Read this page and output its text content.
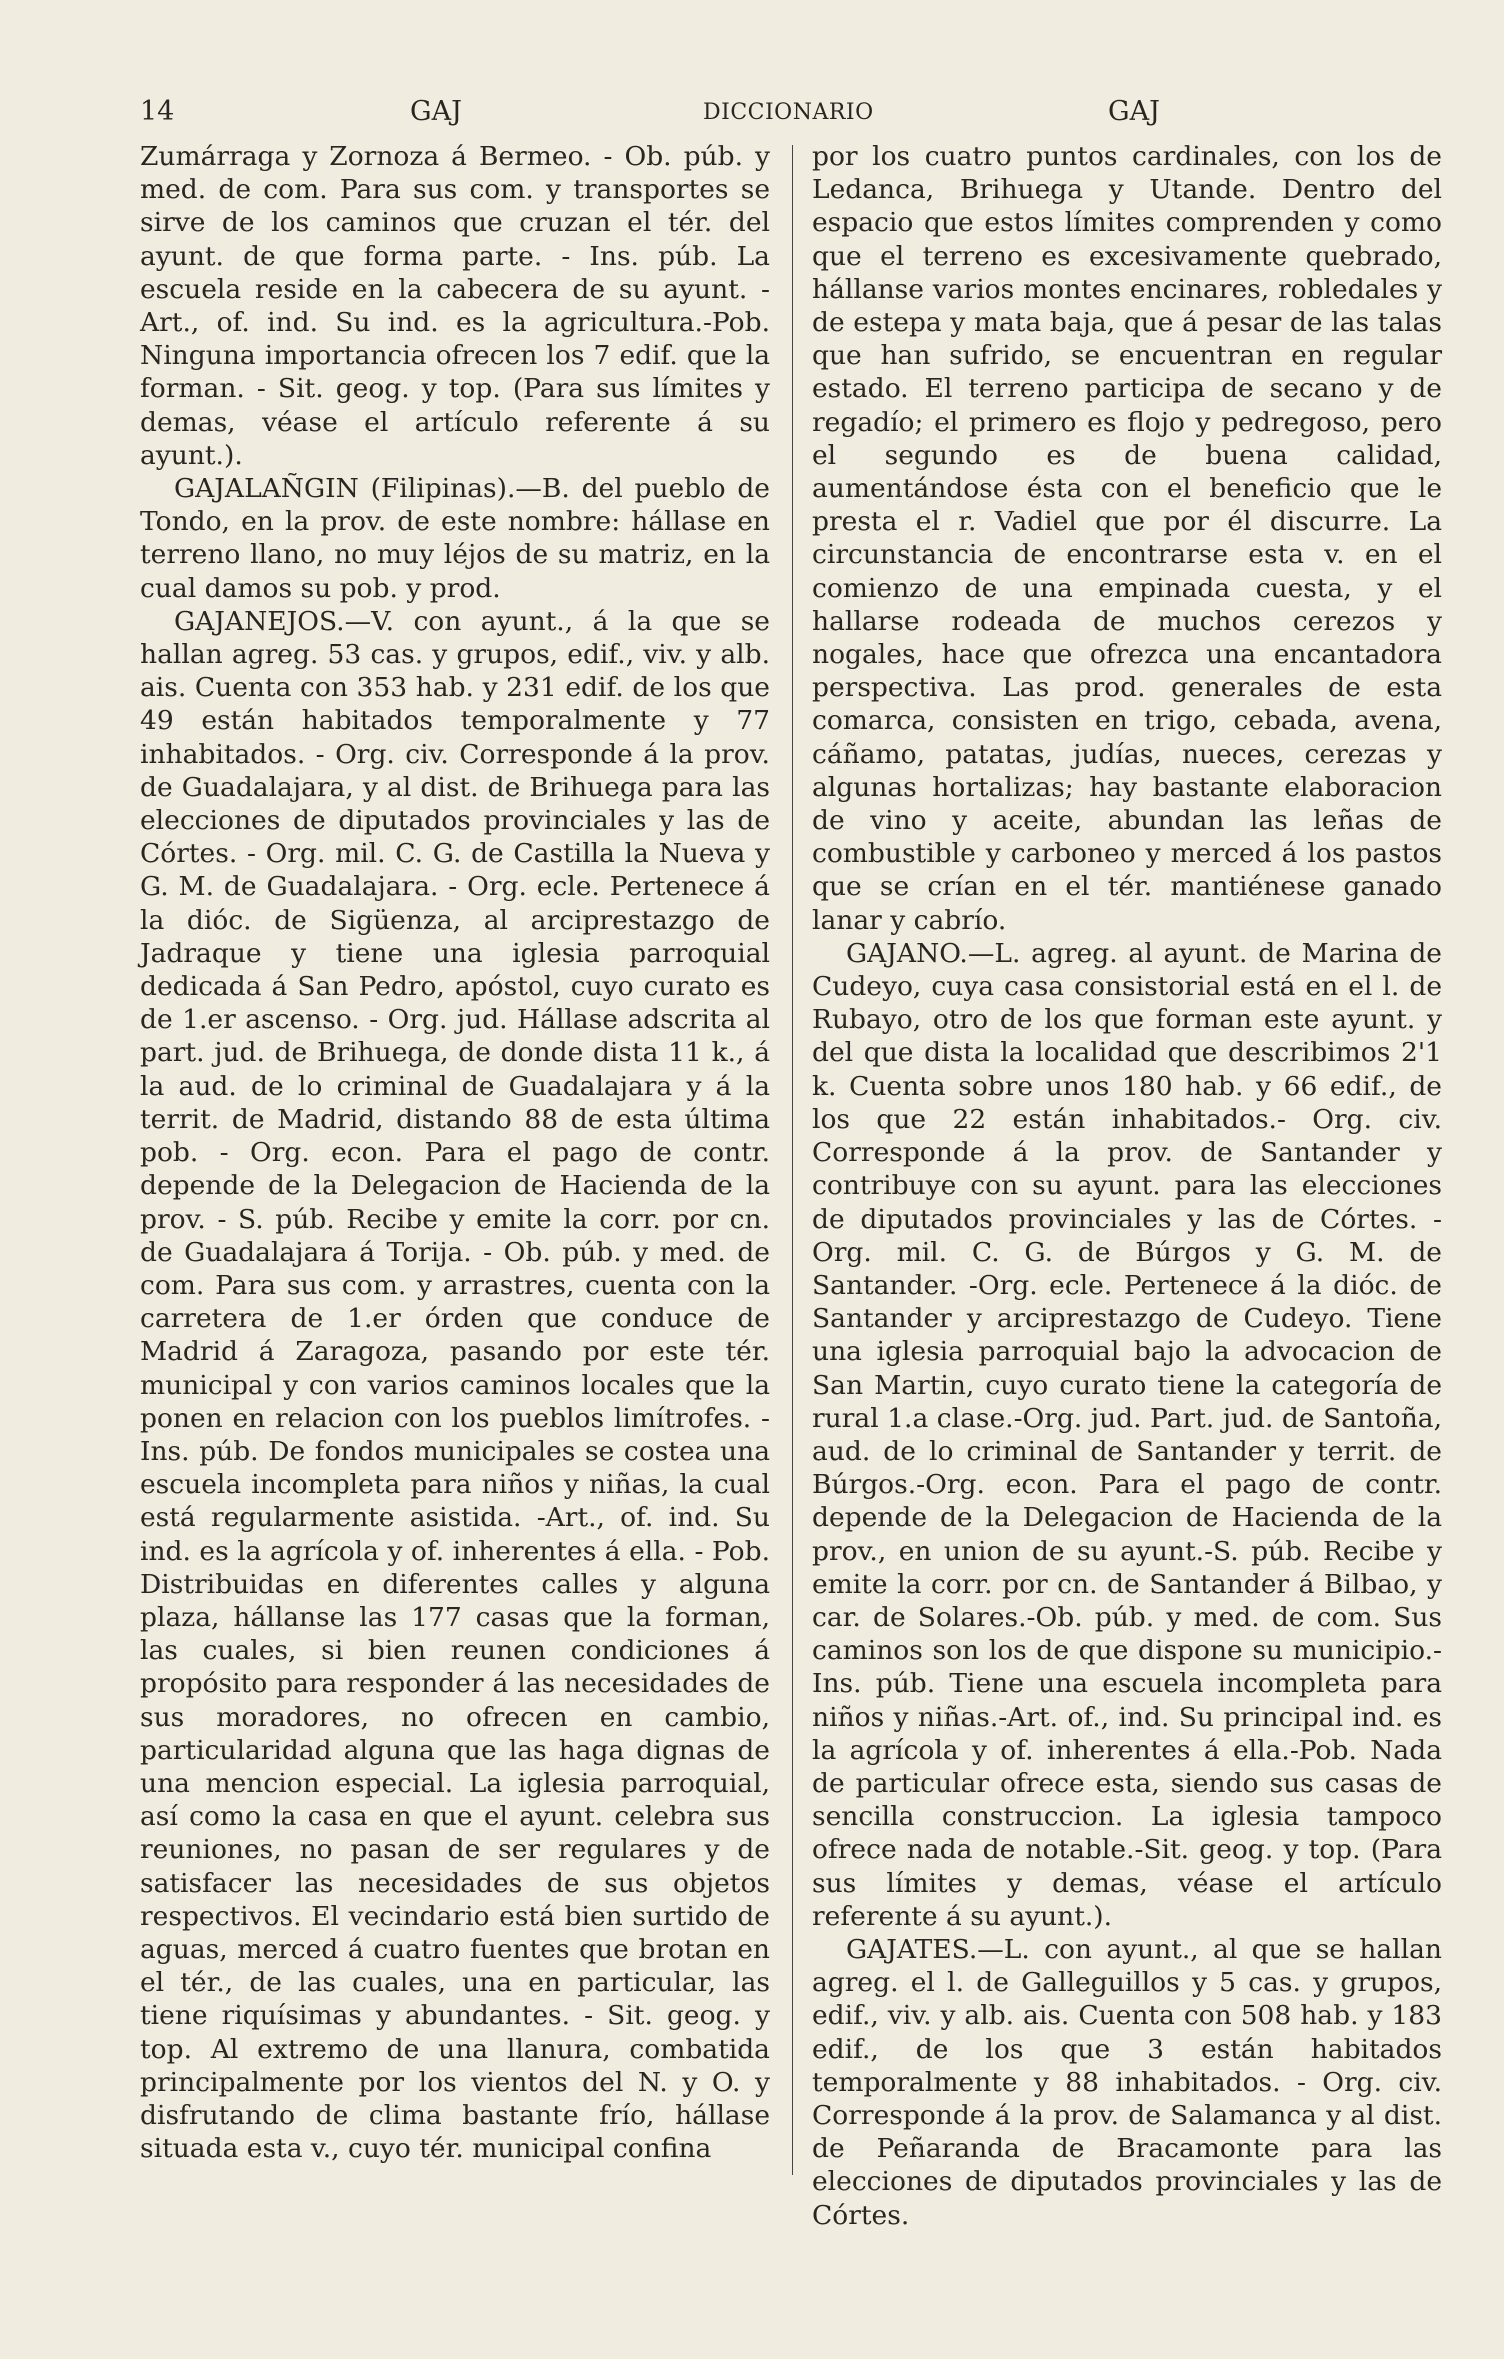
14	GAJ	DICCIONARIO	GAJ

Zumárraga y Zornoza á Bermeo. - Ob. púb. y med. de com. Para sus com. y transportes se sirve de los caminos que cruzan el tér. del ayunt. de que forma parte. - Ins. púb. La escuela reside en la cabecera de su ayunt. -Art., of. ind. Su ind. es la agricultura.-Pob. Ninguna importancia ofrecen los 7 edif. que la forman. - Sit. geog. y top. (Para sus límites y demas, véase el artículo referente á su ayunt.).

GAJALAÑGIN (Filipinas).—B. del pueblo de Tondo, en la prov. de este nombre: hállase en terreno llano, no muy léjos de su matriz, en la cual damos su pob. y prod.

GAJANEJOS.—V. con ayunt., á la que se hallan agreg. 53 cas. y grupos, edif., viv. y alb. ais. Cuenta con 353 hab. y 231 edif. de los que 49 están habitados temporalmente y 77 inhabitados. - Org. civ. Corresponde á la prov. de Guadalajara, y al dist. de Brihuega para las elecciones de diputados provinciales y las de Córtes. - Org. mil. C. G. de Castilla la Nueva y G. M. de Guadalajara. - Org. ecle. Pertenece á la dióc. de Sigüenza, al arciprestazgo de Jadraque y tiene una iglesia parroquial dedicada á San Pedro, apóstol, cuyo curato es de 1.er ascenso. - Org. jud. Hállase adscrita al part. jud. de Brihuega, de donde dista 11 k., á la aud. de lo criminal de Guadalajara y á la territ. de Madrid, distando 88 de esta última pob. - Org. econ. Para el pago de contr. depende de la Delegacion de Hacienda de la prov. - S. púb. Recibe y emite la corr. por cn. de Guadalajara á Torija. - Ob. púb. y med. de com. Para sus com. y arrastres, cuenta con la carretera de 1.er órden que conduce de Madrid á Zaragoza, pasando por este tér. municipal y con varios caminos locales que la ponen en relacion con los pueblos limítrofes. - Ins. púb. De fondos municipales se costea una escuela incompleta para niños y niñas, la cual está regularmente asistida. -Art., of. ind. Su ind. es la agrícola y of. inherentes á ella. - Pob. Distribuidas en diferentes calles y alguna plaza, hállanse las 177 casas que la forman, las cuales, si bien reunen condiciones á propósito para responder á las necesidades de sus moradores, no ofrecen en cambio, particularidad alguna que las haga dignas de una mencion especial. La iglesia parroquial, así como la casa en que el ayunt. celebra sus reuniones, no pasan de ser regulares y de satisfacer las necesidades de sus objetos respectivos. El vecindario está bien surtido de aguas, merced á cuatro fuentes que brotan en el tér., de las cuales, una en particular, las tiene riquísimas y abundantes. - Sit. geog. y top. Al extremo de una llanura, combatida principalmente por los vientos del N. y O. y disfrutando de clima bastante frío, hállase situada esta v., cuyo tér. municipal confina

por los cuatro puntos cardinales, con los de Ledanca, Brihuega y Utande. Dentro del espacio que estos límites comprenden y como que el terreno es excesivamente quebrado, hállanse varios montes encinares, robledales y de estepa y mata baja, que á pesar de las talas que han sufrido, se encuentran en regular estado. El terreno participa de secano y de regadío; el primero es flojo y pedregoso, pero el segundo es de buena calidad, aumentándose ésta con el beneficio que le presta el r. Vadiel que por él discurre. La circunstancia de encontrarse esta v. en el comienzo de una empinada cuesta, y el hallarse rodeada de muchos cerezos y nogales, hace que ofrezca una encantadora perspectiva. Las prod. generales de esta comarca, consisten en trigo, cebada, avena, cáñamo, patatas, judías, nueces, cerezas y algunas hortalizas; hay bastante elaboracion de vino y aceite, abundan las leñas de combustible y carboneo y merced á los pastos que se crían en el tér. mantiénese ganado lanar y cabrío.

GAJANO.—L. agreg. al ayunt. de Marina de Cudeyo, cuya casa consistorial está en el l. de Rubayo, otro de los que forman este ayunt. y del que dista la localidad que describimos 2'1 k. Cuenta sobre unos 180 hab. y 66 edif., de los que 22 están inhabitados.- Org. civ. Corresponde á la prov. de Santander y contribuye con su ayunt. para las elecciones de diputados provinciales y las de Córtes. -Org. mil. C. G. de Búrgos y G. M. de Santander. -Org. ecle. Pertenece á la dióc. de Santander y arciprestazgo de Cudeyo. Tiene una iglesia parroquial bajo la advocacion de San Martin, cuyo curato tiene la categoría de rural 1.a clase.-Org. jud. Part. jud. de Santoña, aud. de lo criminal de Santander y territ. de Búrgos.-Org. econ. Para el pago de contr. depende de la Delegacion de Hacienda de la prov., en union de su ayunt.-S. púb. Recibe y emite la corr. por cn. de Santander á Bilbao, y car. de Solares.-Ob. púb. y med. de com. Sus caminos son los de que dispone su municipio.-Ins. púb. Tiene una escuela incompleta para niños y niñas.-Art. of., ind. Su principal ind. es la agrícola y of. inherentes á ella.-Pob. Nada de particular ofrece esta, siendo sus casas de sencilla construccion. La iglesia tampoco ofrece nada de notable.-Sit. geog. y top. (Para sus límites y demas, véase el artículo referente á su ayunt.).

GAJATES.—L. con ayunt., al que se hallan agreg. el l. de Galleguillos y 5 cas. y grupos, edif., viv. y alb. ais. Cuenta con 508 hab. y 183 edif., de los que 3 están habitados temporalmente y 88 inhabitados. - Org. civ. Corresponde á la prov. de Salamanca y al dist. de Peñaranda de Bracamonte para las elecciones de diputados provinciales y las de Córtes.
